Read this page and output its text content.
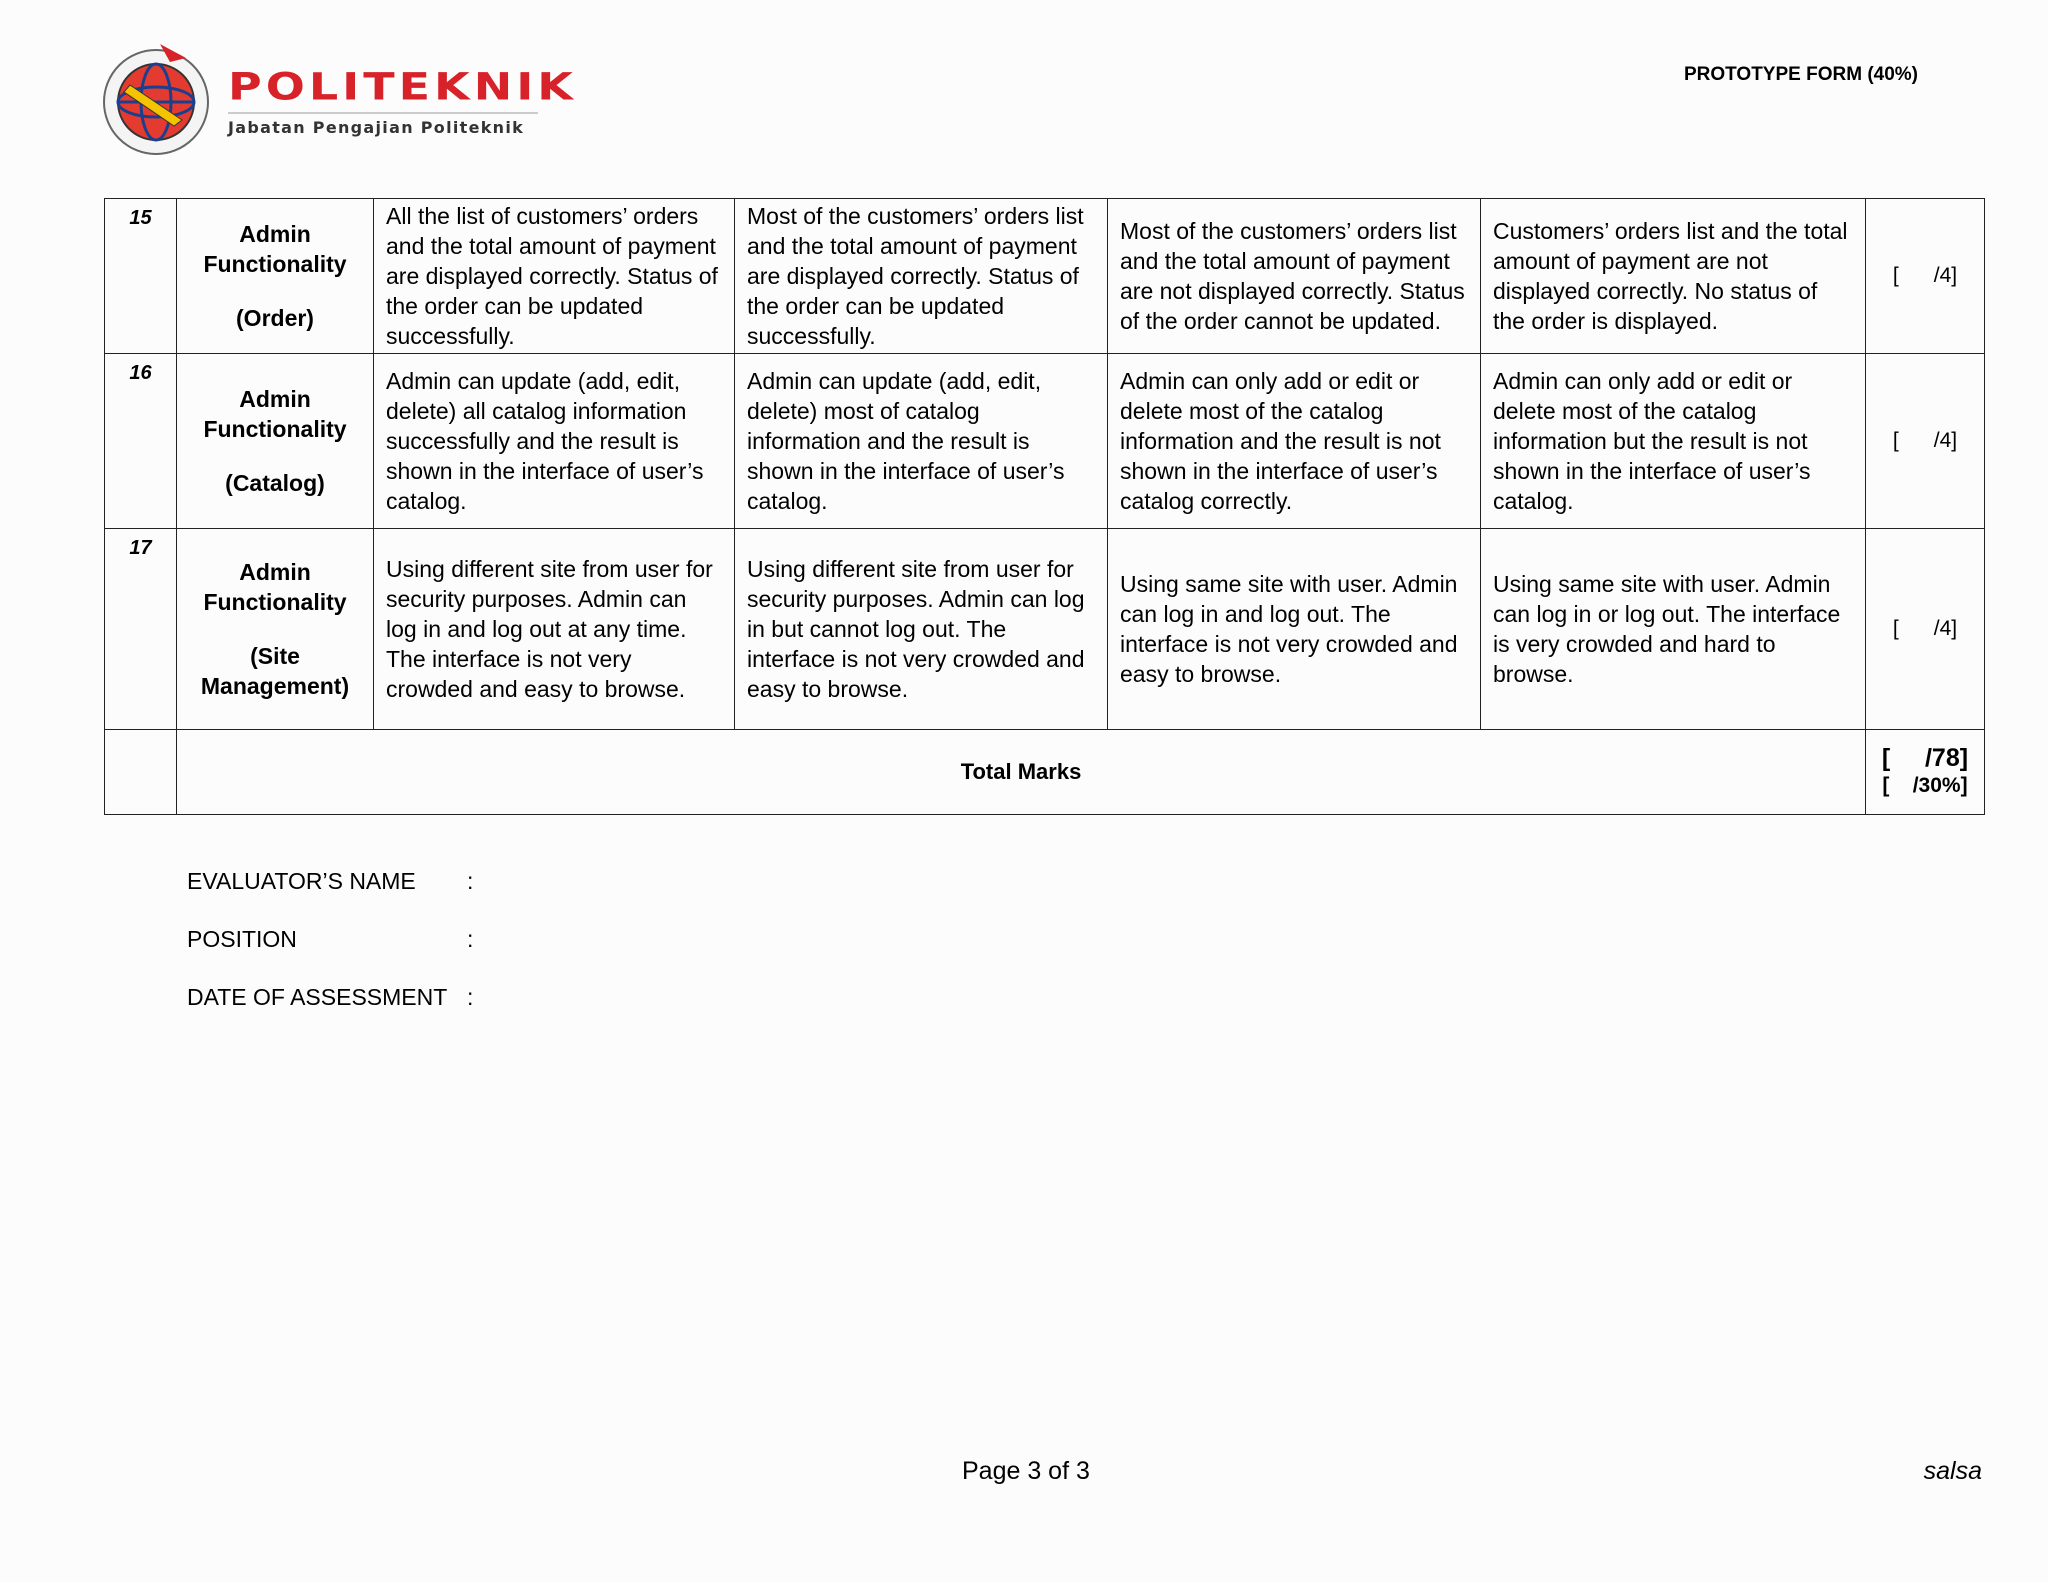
POLITEKNIK
Jabatan Pengajian Politeknik
PROTOTYPE FORM (40%)
15	Admin
Functionality
(Order)	All the list of customers’ orders and the total amount of payment are displayed correctly. Status of the order can be updated successfully.	Most of the customers’ orders list and the total amount of payment are displayed correctly. Status of the order can be updated successfully.	Most of the customers’ orders list and the total amount of payment are not displayed correctly. Status of the order cannot be updated.	Customers’ orders list and the total amount of payment are not displayed correctly. No status of the order is displayed.	[      /4]
16	Admin
Functionality
(Catalog)	Admin can update (add, edit, delete) all catalog information successfully and the result is shown in the interface of user’s catalog.	Admin can update (add, edit, delete) most of catalog information and the result is shown in the interface of user’s catalog.	Admin can only add or edit or delete most of the catalog information and the result is not shown in the interface of user’s catalog correctly.	Admin can only add or edit or delete most of the catalog information but the result is not shown in the interface of user’s catalog.	[      /4]
17	Admin
Functionality
(Site
Management)	Using different site from user for security purposes. Admin can log in and log out at any time. The interface is not very crowded and easy to browse.	Using different site from user for security purposes. Admin can log in but cannot log out. The interface is not very crowded and easy to browse.	Using same site with user. Admin can log in and log out. The interface is not very crowded and easy to browse.	Using same site with user. Admin can log in or log out. The interface is very crowded and hard to browse.	[      /4]
	Total Marks					[     /78]
[    /30%]
EVALUATOR’S NAME :
POSITION	:
DATE OF ASSESSMENT :
Page 3 of 3	salsa
